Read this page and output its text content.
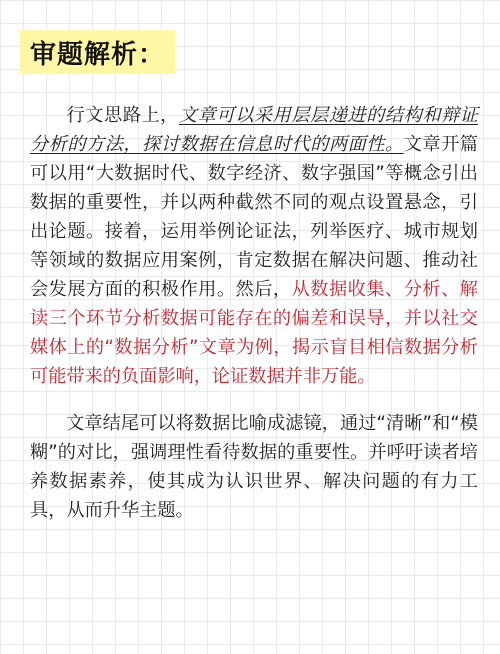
审题解析：

行文思路上，文章可以采用层层递进的结构和辩证分析的方法，探讨数据在信息时代的两面性。文章开篇可以用“大数据时代、数字经济、数字强国”等概念引出数据的重要性，并以两种截然不同的观点设置悬念，引出论题。接着，运用举例论证法，列举医疗、城市规划等领域的数据应用案例，肯定数据在解决问题、推动社会发展方面的积极作用。然后，从数据收集、分析、解读三个环节分析数据可能存在的偏差和误导，并以社交媒体上的“数据分析”文章为例，揭示盲目相信数据分析可能带来的负面影响，论证数据并非万能。

文章结尾可以将数据比喻成滤镜，通过“清晰”和“模糊”的对比，强调理性看待数据的重要性。并呼吁读者培养数据素养，使其成为认识世界、解决问题的有力工具，从而升华主题。
